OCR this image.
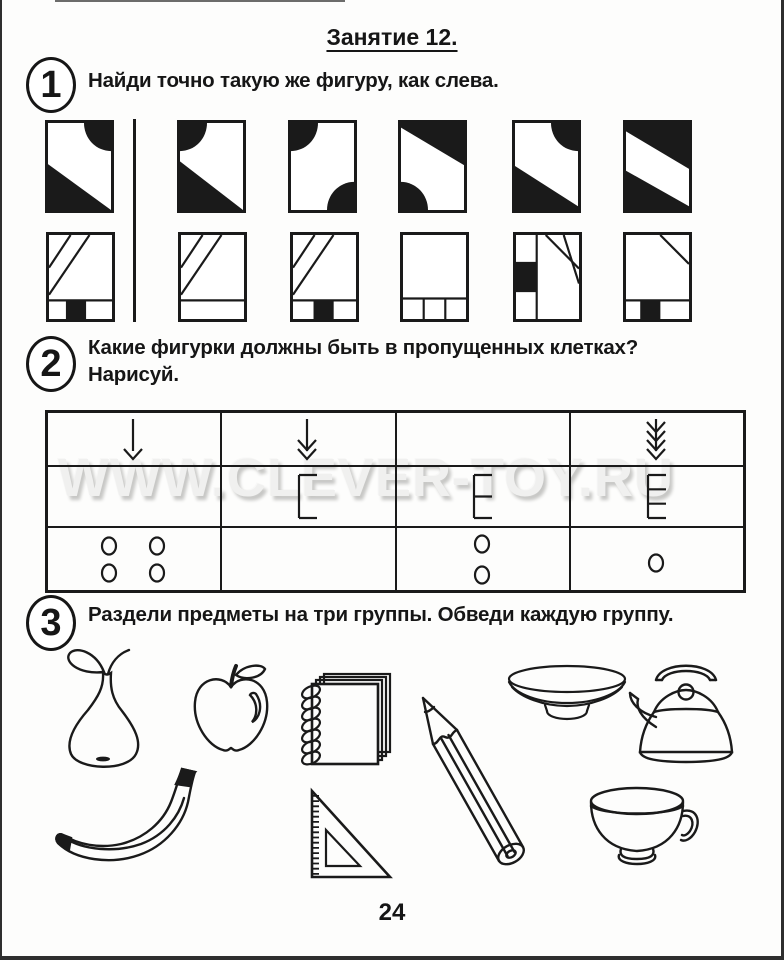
Занятие 12.
1 Найди точно такую же фигуру, как слева.
2 Какие фигурки должны быть в пропущенных клетках?
Нарисуй.
WWW.CLEVER-TOY.RU
3 Раздели предметы на три группы. Обведи каждую группу.
24
